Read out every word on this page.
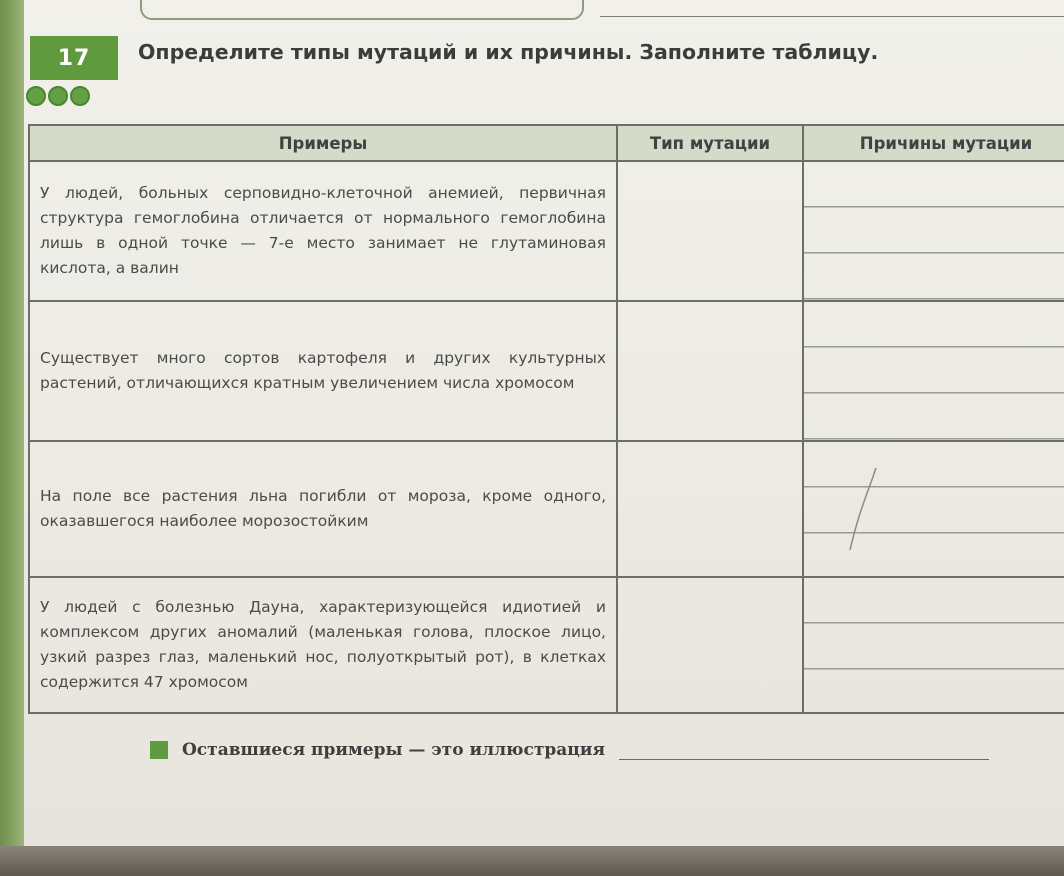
17 Определите типы мутаций и их причины. Заполните таблицу.
Примеры	Тип мутации	Причины мутации
У людей, больных серповидно-клеточной анемией, первичная структура гемоглобина отличается от нормального гемоглобина лишь в одной точке — 7-е место занимает не глутаминовая кислота, а валин		
Существует много сортов картофеля и других культурных растений, отличающихся кратным увеличением числа хромосом		
На поле все растения льна погибли от мороза, кроме одного, оказавшегося наиболее морозостойким		
У людей с болезнью Дауна, характеризующейся идиотией и комплексом других аномалий (маленькая голова, плоское лицо, узкий разрез глаз, маленький нос, полуоткрытый рот), в клетках содержится 47 хромосом		
Оставшиеся примеры — это иллюстрация
